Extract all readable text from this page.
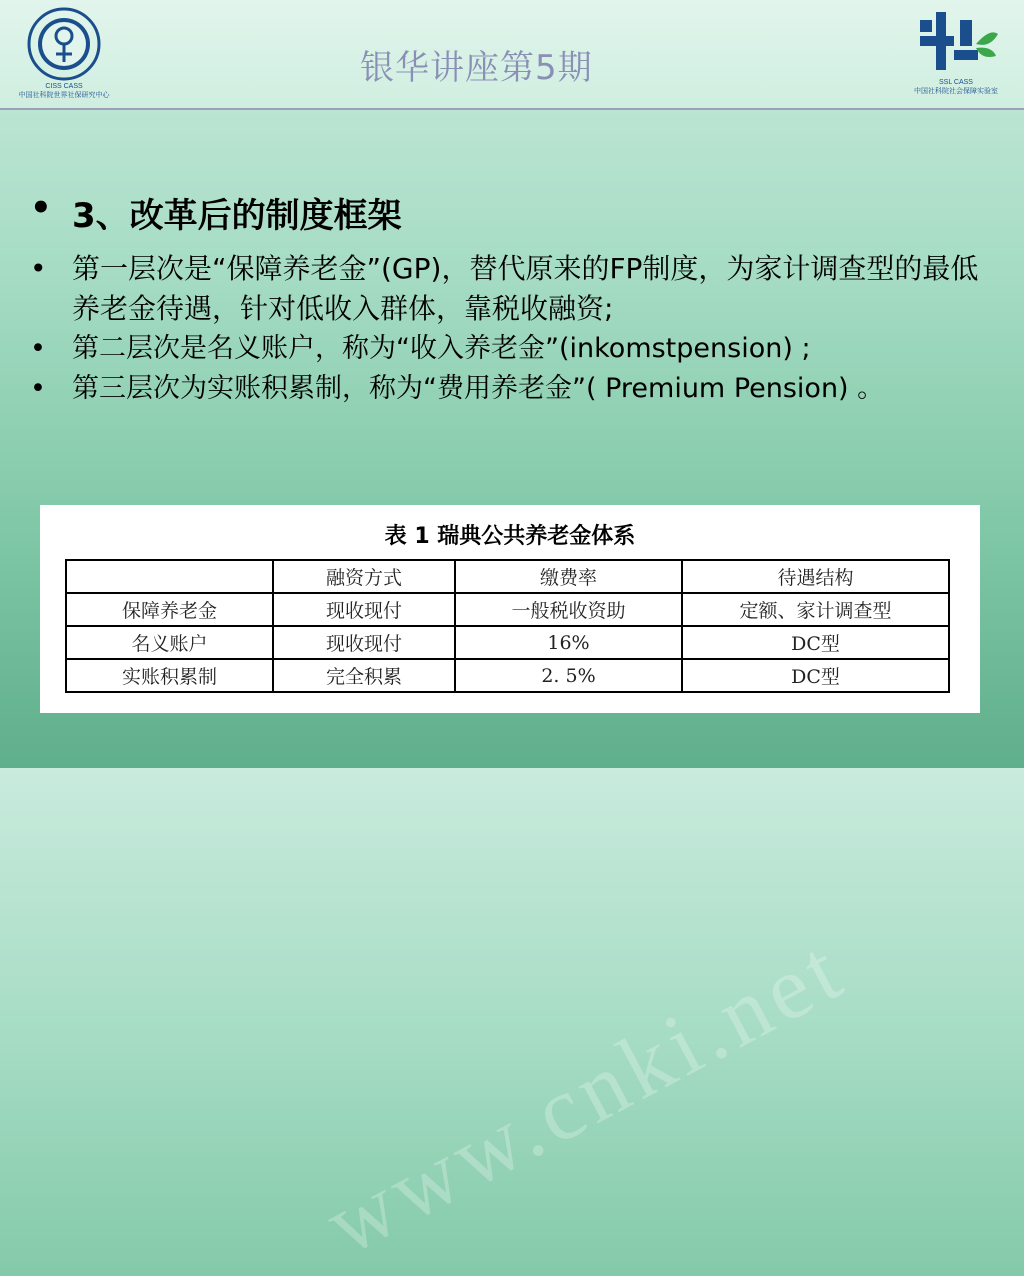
CISS CASS
中国社科院世界社保研究中心
银华讲座第5期	SSL CASS
中国社科院社会保障实验室
• 3、改革后的制度框架
• 第一层次是“保障养老金”(GP)，替代原来的FP制度，为家计调查型的最低养老金待遇，针对低收入群体，靠税收融资;
• 第二层次是名义账户，称为“收入养老金”(inkomstpension) ;
• 第三层次为实账积累制，称为“费用养老金”( Premium Pension) 。
表 1 瑞典公共养老金体系
	融资方式	缴费率	待遇结构
保障养老金	现收现付	一般税收资助	定额、家计调查型
名义账户	现收现付	16%	DC型
实账积累制	完全积累	2. 5%	DC型
www.cnki.net
